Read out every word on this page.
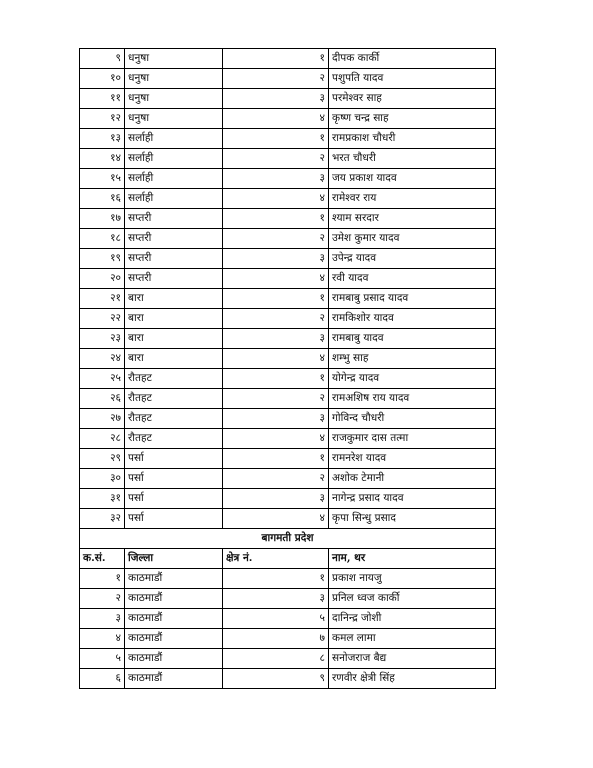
९	धनुषा	१	दीपक कार्की
१०	धनुषा	२	पशुपति यादव
११	धनुषा	३	परमेश्वर साह
१२	धनुषा	४	कृष्ण चन्द्र साह
१३	सर्लाही	१	रामप्रकाश चौधरी
१४	सर्लाही	२	भरत चौधरी
१५	सर्लाही	३	जय प्रकाश यादव
१६	सर्लाही	४	रामेश्वर राय
१७	सप्तरी	१	श्याम सरदार
१८	सप्तरी	२	उमेश कुमार यादव
१९	सप्तरी	३	उपेन्द्र यादव
२०	सप्तरी	४	रवी यादव
२१	बारा	१	रामबाबु प्रसाद यादव
२२	बारा	२	रामकिशोर यादव
२३	बारा	३	रामबाबु यादव
२४	बारा	४	शम्भु साह
२५	रौतहट	१	योगेन्द्र यादव
२६	रौतहट	२	रामअशिष राय यादव
२७	रौतहट	३	गोविन्द चौधरी
२८	रौतहट	४	राजकुमार दास तत्मा
२९	पर्सा	१	रामनरेश यादव
३०	पर्सा	२	अशोक टेमानी
३१	पर्सा	३	नागेन्द्र प्रसाद यादव
३२	पर्सा	४	कृपा सिन्धु प्रसाद
बागमती प्रदेश			
क.सं.	जिल्ला	क्षेत्र नं.	नाम, थर
१	काठमाडौं	१	प्रकाश नायजु
२	काठमाडौं	३	प्रनिल ध्वज कार्की
३	काठमाडौं	५	दानिन्द्र जोशी
४	काठमाडौं	७	कमल लामा
५	काठमाडौं	८	सनोजराज बैद्य
६	काठमाडौं	९	रणवीर क्षेत्री सिंह
